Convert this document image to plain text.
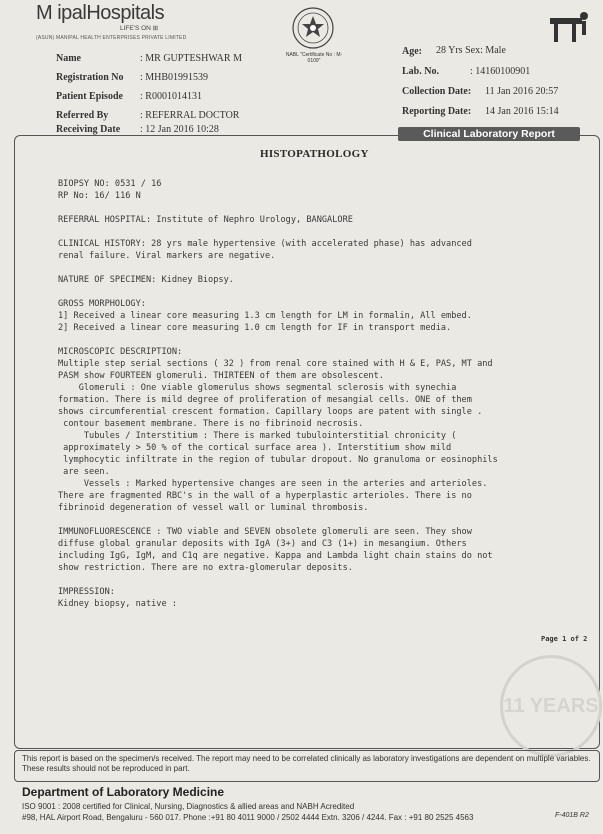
M ipalHospitals
LIFE'S ON ⊞
(ASUN) MANIPAL HEALTH ENTERPRISES PRIVATE LIMITED
NABL "Certificate No : M-0109"
Name	: MR GUPTESHWAR M
Registration No : MHB01991539
Patient Episode : R0001014131
Referred By	: REFERRAL DOCTOR
Receiving Date : 12 Jan 2016 10:28
Age: 28 Yrs Sex: Male
Lab. No.	: 14160100901
Collection Date: 11 Jan 2016 20:57
Reporting Date: 14 Jan 2016 15:14
Clinical Laboratory Report
HISTOPATHOLOGY
11 YEARS
BIOPSY NO: 0531 / 16
RP No: 16/ 116 N

REFERRAL HOSPITAL: Institute of Nephro Urology, BANGALORE

CLINICAL HISTORY: 28 yrs male hypertensive (with accelerated phase) has advanced
renal failure. Viral markers are negative.

NATURE OF SPECIMEN: Kidney Biopsy.

GROSS MORPHOLOGY:
1] Received a linear core measuring 1.3 cm length for LM in formalin, All embed.
2] Received a linear core measuring 1.0 cm length for IF in transport media.

MICROSCOPIC DESCRIPTION:
Multiple step serial sections ( 32 ) from renal core stained with H & E, PAS, MT and
PASM show FOURTEEN glomeruli. THIRTEEN of them are obsolescent.
Glomeruli : One viable glomerulus shows segmental sclerosis with synechia
formation. There is mild degree of proliferation of mesangial cells. ONE of them
shows circumferential crescent formation. Capillary loops are patent with single .
contour basement membrane. There is no fibrinoid necrosis.
Tubules / Interstitium : There is marked tubulointerstitial chronicity (
approximately > 50 % of the cortical surface area ). Interstitium show mild
lymphocytic infiltrate in the region of tubular dropout. No granuloma or eosinophils
are seen.
Vessels : Marked hypertensive changes are seen in the arteries and arterioles.
There are fragmented RBC's in the wall of a hyperplastic arterioles. There is no
fibrinoid degeneration of vessel wall or luminal thrombosis.

IMMUNOFLUORESCENCE : TWO viable and SEVEN obsolete glomeruli are seen. They show
diffuse global granular deposits with IgA (3+) and C3 (1+) in mesangium. Others
including IgG, IgM, and C1q are negative. Kappa and Lambda light chain stains do not
show restriction. There are no extra-glomerular deposits.

IMPRESSION:
Kidney biopsy, native :
Page 1 of 2
This report is based on the specimen/s received. The report may need to be correlated clinically as laboratory investigations are dependent on multiple variables. These results should not be reproduced in part.
Department of Laboratory Medicine
ISO 9001 : 2008 certified for Clinical, Nursing, Diagnostics & allied areas and NABH Acredited
#98, HAL Airport Road, Bengaluru - 560 017. Phone :+91 80 4011 9000 / 2502 4444 Extn. 3206 / 4244. Fax : +91 80 2525 4563	F-401B R2
